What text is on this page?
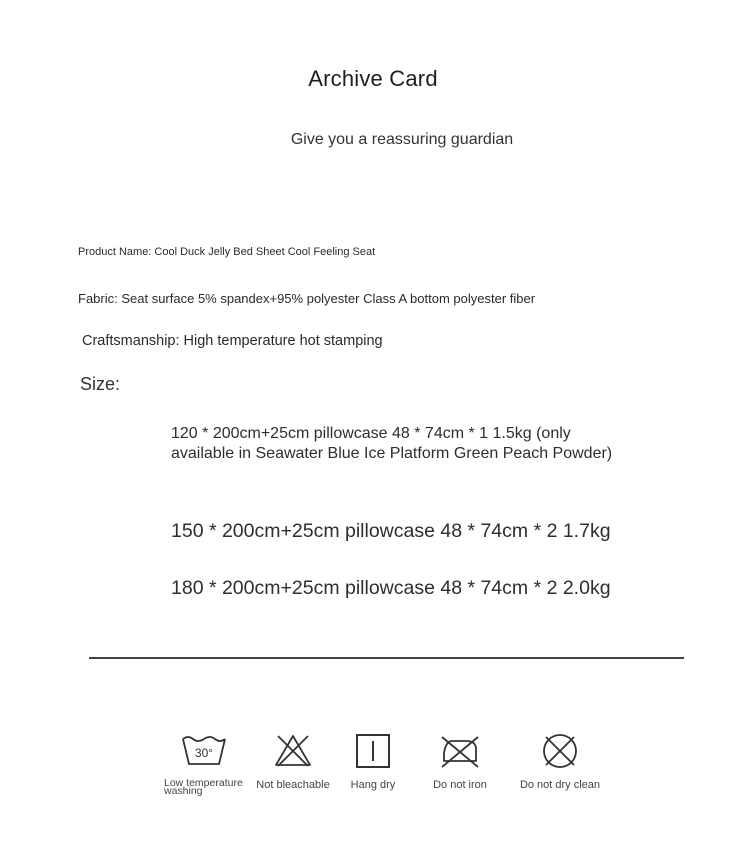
Archive Card
Give you a reassuring guardian
Product Name: Cool Duck Jelly Bed Sheet Cool Feeling Seat
Fabric: Seat surface 5% spandex+95% polyester Class A bottom polyester fiber
Craftsmanship: High temperature hot stamping
Size:
120 * 200cm+25cm pillowcase 48 * 74cm * 1 1.5kg (only available in Seawater Blue Ice Platform Green Peach Powder)
150 * 200cm+25cm pillowcase 48 * 74cm * 2 1.7kg
180 * 200cm+25cm pillowcase 48 * 74cm * 2 2.0kg
30°
Low temperature washing	Not bleachable	Hang dry	Do not iron	Do not dry clean
